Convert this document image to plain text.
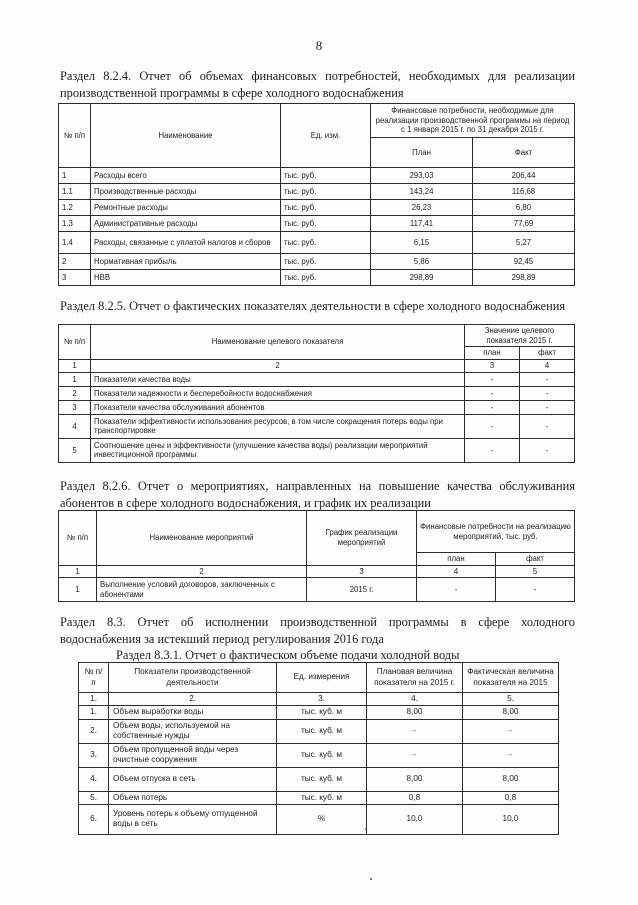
8
Раздел 8.2.4. Отчет об объемах финансовых потребностей, необходимых для реализации производственной программы в сфере холодного водоснабжения
№ п/п	Наименование	Ед. изм.	Финансовые потребности, необходимые для реализации производственной программы на период с 1 января 2015 г. по 31 декабря 2015 г.	
			План	Факт
1	Расходы всего	тыс. руб.	293,03	206,44
1.1	Производственные расходы	тыс. руб.	143,24	116,68
1.2	Ремонтные расходы	тыс. руб.	26,23	6,80
1.3	Административные расходы	тыс. руб.	117,41	77,69
1.4	Расходы, связанные с уплатой налогов и сборов	тыс. руб.	6,15	5,27
2	Нормативная прибыль	тыс. руб.	5,86	92,45
3	НВВ	тыс. руб.	298,89	298,89
Раздел 8.2.5. Отчет о фактических показателях деятельности в сфере холодного водоснабжения
№ п/п	Наименование целевого показателя	Значение целевого показателя 2015 г.	
		план	факт
1	2	3	4
1	Показатели качества воды	-	-
2	Показатели надежности и бесперебойности водоснабжения	-	-
3	Показатели качества обслуживания абонентов	-	-
4	Показатели эффективности использования ресурсов, в том числе сокращения потерь воды при транспортировке	-	-
5	Соотношение цены и эффективности (улучшение качества воды) реализации мероприятий инвестиционной программы	-	-
Раздел 8.2.6. Отчет о мероприятиях, направленных на повышение качества обслуживания абонентов в сфере холодного водоснабжения, и график их реализации
№ п/п	Наименование мероприятий	График реализации мероприятий	Финансовые потребности на реализацию мероприятий, тыс. руб.	
			план	факт
1	2	3	4	5
1	Выполнение условий договоров, заключенных с абонентами	2015 г.	-	-
Раздел 8.3. Отчет об исполнении производственной программы в сфере холодного водоснабжения за истекший период регулирования 2016 года
Раздел 8.3.1. Отчет о фактическом объеме подачи холодной воды
№ п/п	Показатели производственной деятельности	Ед. измерения	Плановая величина показателя на 2015 г.	Фактическая величина показателя на 2015
1.	2.	3.	4.	5.
1.	Объем выработки воды	тыс. куб. м	8,00	8,00
2.	Объем воды, используемой на собственные нужды	тыс. куб. м	-	-
3.	Объем пропущенной воды через очистные сооружения	тыс. куб. м	-	-
4.	Объем отпуска в сеть	тыс. куб. м	8,00	8,00
5.	Объем потерь	тыс. куб. м	0,8	0,8
6.	Уровень потерь к объему отпущенной воды в сеть	%	10,0	10,0
